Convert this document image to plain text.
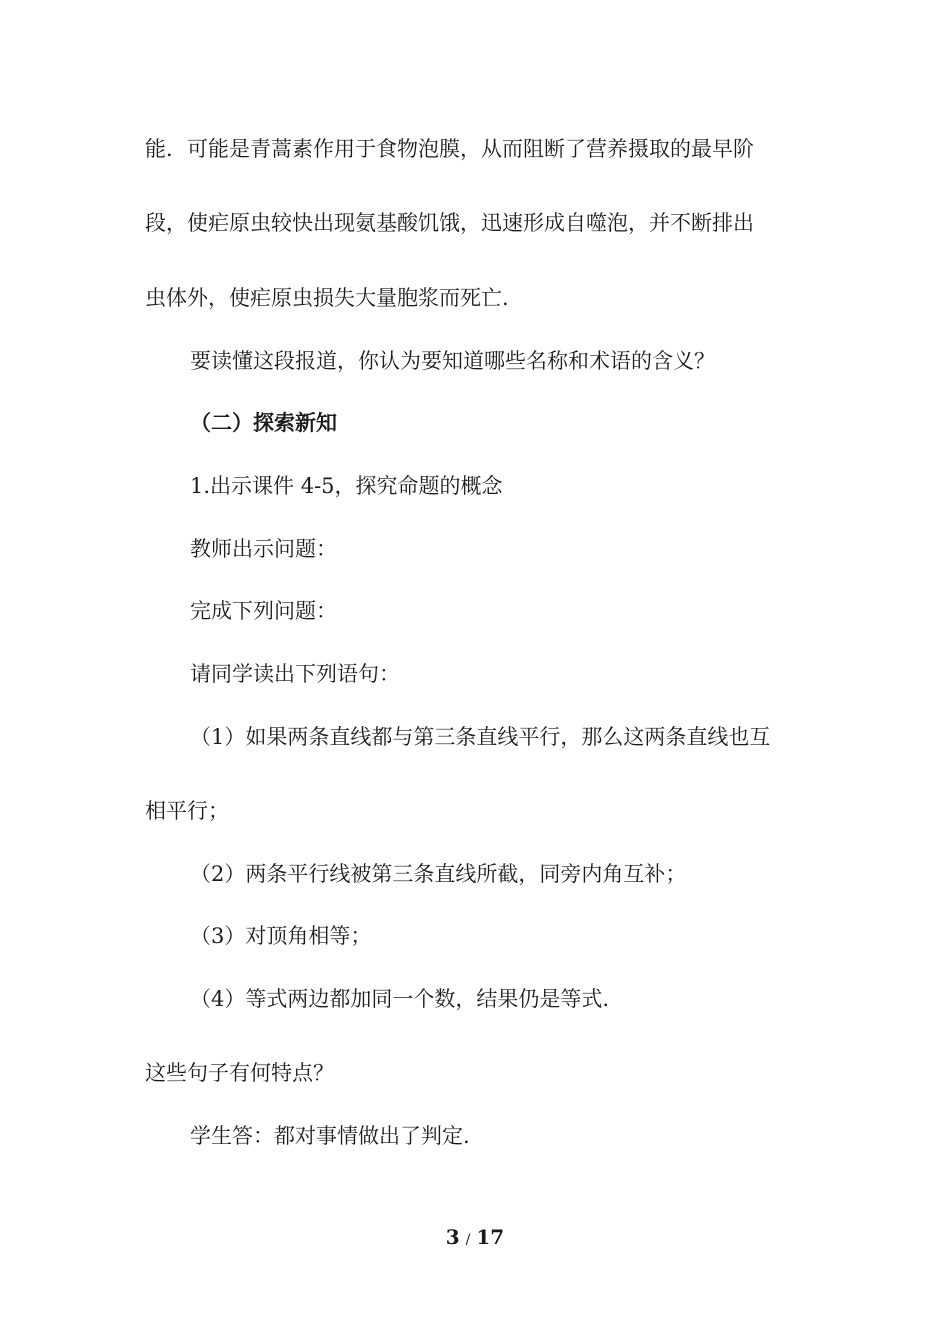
能．可能是青蒿素作用于食物泡膜，从而阻断了营养摄取的最早阶

段，使疟原虫较快出现氨基酸饥饿，迅速形成自噬泡，并不断排出

虫体外，使疟原虫损失大量胞浆而死亡.

要读懂这段报道，你认为要知道哪些名称和术语的含义？

（二）探索新知

1.出示课件 4-5，探究命题的概念

教师出示问题：

完成下列问题：

请同学读出下列语句：

（1）如果两条直线都与第三条直线平行，那么这两条直线也互

相平行；

（2）两条平行线被第三条直线所截，同旁内角互补；

（3）对顶角相等；

（4）等式两边都加同一个数，结果仍是等式.

这些句子有何特点？

学生答：都对事情做出了判定.

3 / 17
